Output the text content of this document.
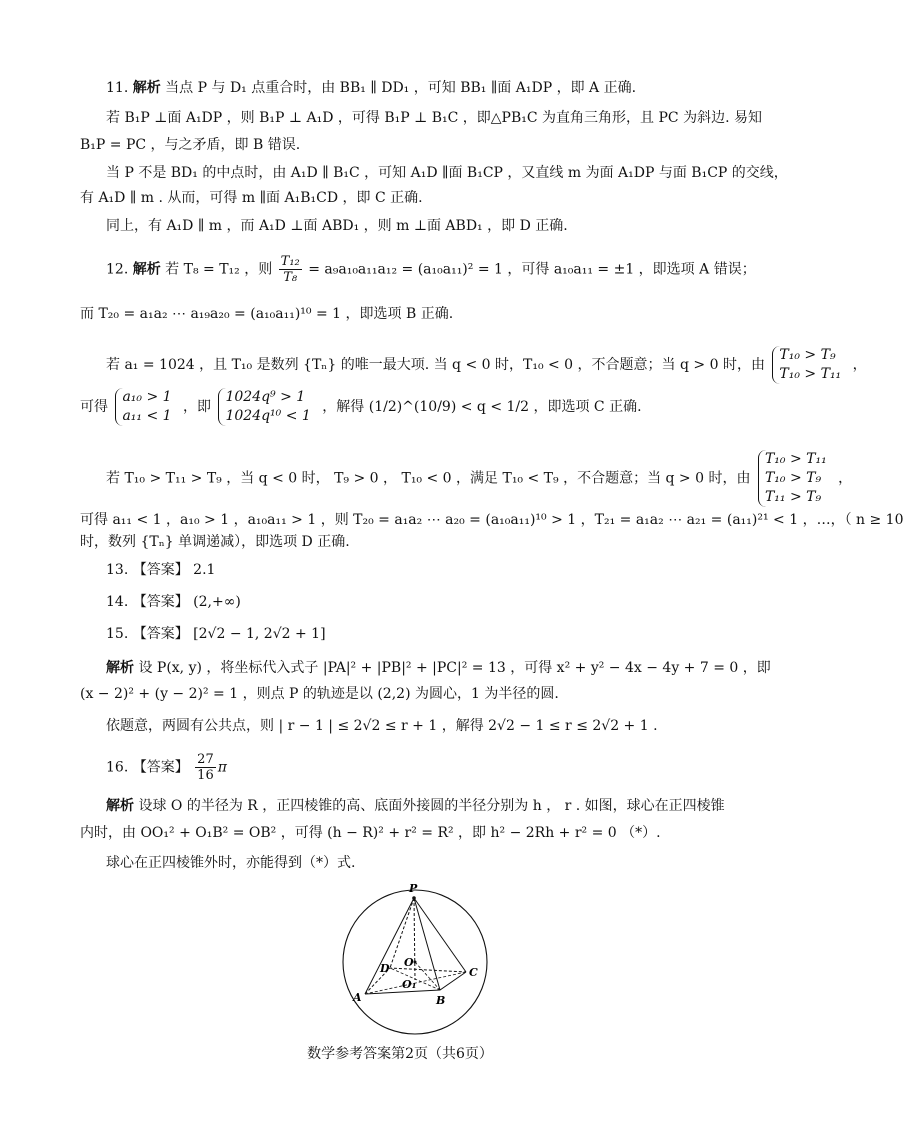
11. 解析 当点 P 与 D₁ 点重合时，由 BB₁ ∥ DD₁ ，可知 BB₁ ∥面 A₁DP ，即 A 正确.
若 B₁P ⊥面 A₁DP ，则 B₁P ⊥ A₁D ，可得 B₁P ⊥ B₁C ，即△PB₁C 为直角三角形，且 PC 为斜边. 易知
B₁P = PC ，与之矛盾，即 B 错误.
当 P 不是 BD₁ 的中点时，由 A₁D ∥ B₁C ，可知 A₁D ∥面 B₁CP ，又直线 m 为面 A₁DP 与面 B₁CP 的交线，
有 A₁D ∥ m . 从而，可得 m ∥面 A₁B₁CD ，即 C 正确.
同上，有 A₁D ∥ m ，而 A₁D ⊥面 ABD₁ ，则 m ⊥面 ABD₁ ，即 D 正确.
12. 解析 若 T₈ = T₁₂ ，则 $\frac{\text{T₁₂}}{\text{T₈}} = a_9a_{10}a_{11}a_{12} = (a_{10}a_{11})^2 = 1$ ，可得 a₁₀a₁₁ = ±1 ，即选项 A 错误；
而 T₂₀ = a₁a₂ ⋯ a₁₉a₂₀ = (a₁₀a₁₁)¹⁰ = 1 ，即选项 B 正确.
若 a₁ = 1024 ，且 T₁₀ 是数列 {Tₙ} 的唯一最大项. 当 q < 0 时，T₁₀ < 0 ，不合题意；当 q > 0 时，由
T₁₀ > T₉
T₁₀ > T₁₁
，
可得
a₁₀ > 1
a₁₁ < 1
，即
1024q⁹ > 1
1024q¹⁰ < 1
，解得 (1/2)^(10/9) < q < 1/2 ，即选项 C 正确.
若 T₁₀ > T₁₁ > T₉ ，当 q < 0 时， T₉ > 0 ， T₁₀ < 0 ，满足 T₁₀ < T₉ ，不合题意；当 q > 0 时，由
T₁₀ > T₁₁
T₁₀ > T₉
T₁₁ > T₉
，
可得 a₁₁ < 1 ，a₁₀ > 1 ，a₁₀a₁₁ > 1 ，则 T₂₀ = a₁a₂ ⋯ a₂₀ = (a₁₀a₁₁)¹⁰ > 1 ，T₂₁ = a₁a₂ ⋯ a₂₁ = (a₁₁)²¹ < 1 ，…，（ n ≥ 10
时，数列 {Tₙ} 单调递减），即选项 D 正确.
13. 【答案】 2.1
14. 【答案】 (2,+∞)
15. 【答案】 [2√2 − 1, 2√2 + 1]
解析 设 P(x, y) ，将坐标代入式子 |PA|² + |PB|² + |PC|² = 13 ，可得 x² + y² − 4x − 4y + 7 = 0 ，即
(x − 2)² + (y − 2)² = 1 ，则点 P 的轨迹是以 (2,2) 为圆心，1 为半径的圆.
依题意，两圆有公共点，则 | r − 1 | ≤ 2√2 ≤ r + 1 ，解得 2√2 − 1 ≤ r ≤ 2√2 + 1 .
16. 【答案】 $\frac{27}{16}$ π
解析 设球 O 的半径为 R ，正四棱锥的高、底面外接圆的半径分别为 h ， r . 如图，球心在正四棱锥
内时，由 OO₁² + O₁B² = OB² ，可得 (h − R)² + r² = R² ，即 h² − 2Rh + r² = 0 （*）.
球心在正四棱锥外时，亦能得到（*）式.
P
A	B
C
D O
O₁
数学参考答案第2页（共6页）
